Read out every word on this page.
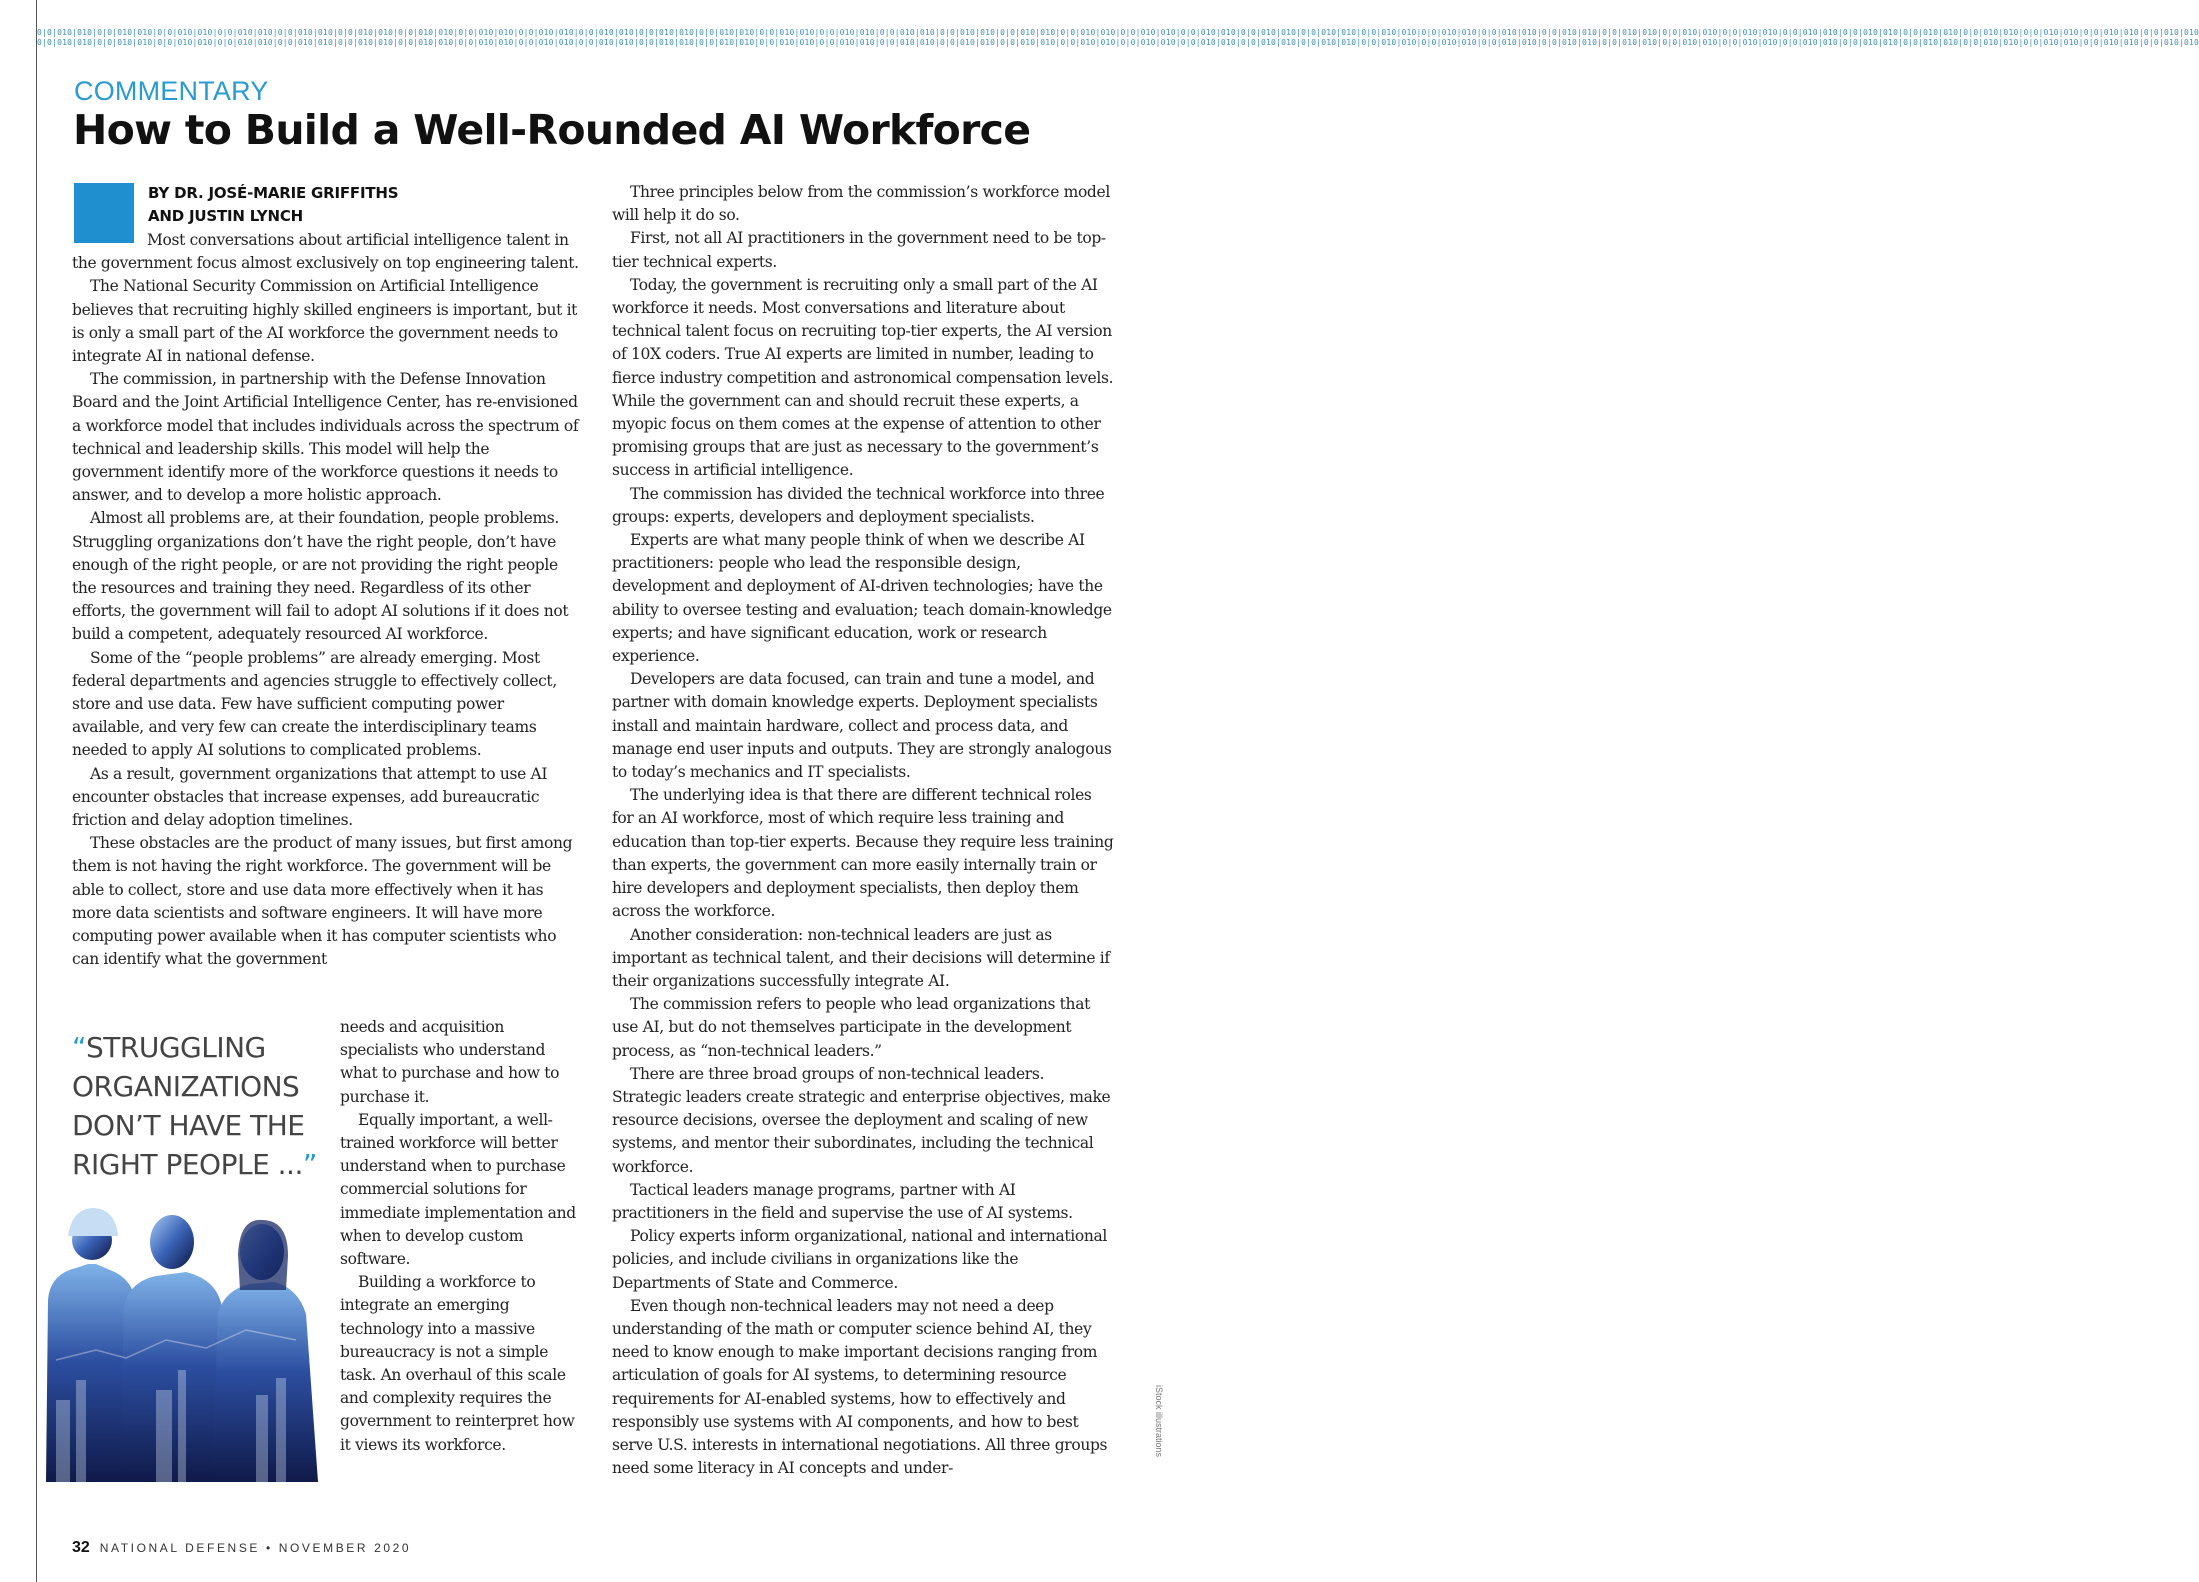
0|0|010|010|0|0|010|010|0|0|010|010|0|0|010|010|0|0|010|010|0|0|010|010|0|0|010|010|0|0|010|010|0|0|010|010|0|0|010|010|0|0|010|010|0|0|010|010|0|0|010|010|0|0|010|010|0|0|010|010|0|0|010|010|0|0|010|010|0|0|010|010|0|0|010|010|0|0|010|010|0|0|010|010|0|0|010|010|0|0|010|010|0|0|010|010|0|0|010|010|0|0|010|010|0|0|010|010|0|0|010|010|0|0|010|010|0|0|010|010|0|0|010|010|0|0|010|010|0|0|010|010|0|0|010|010|0|0|010|010|0|0|010|010
0|0|010|010|0|0|010|010|0|0|010|010|0|0|010|010|0|0|010|010|0|0|010|010|0|0|010|010|0|0|010|010|0|0|010|010|0|0|010|010|0|0|010|010|0|0|010|010|0|0|010|010|0|0|010|010|0|0|010|010|0|0|010|010|0|0|010|010|0|0|010|010|0|0|010|010|0|0|010|010|0|0|010|010|0|0|010|010|0|0|010|010|0|0|010|010|0|0|010|010|0|0|010|010|0|0|010|010|0|0|010|010|0|0|010|010|0|0|010|010|0|0|010|010|0|0|010|010|0|0|010|010|0|0|010|010|0|0|010|010|0|0|010|010
COMMENTARY
How to Build a Well-Rounded AI Workforce
BY DR. JOSÉ-MARIE GRIFFITHS
AND JUSTIN LYNCH

Most conversations about artificial intelligence talent in the government focus almost exclusively on top engineering talent.

The National Security Commission on Artificial Intelligence believes that recruiting highly skilled engineers is important, but it is only a small part of the AI workforce the government needs to integrate AI in national defense.

The commission, in partnership with the Defense Innovation Board and the Joint Artificial Intelligence Center, has re-envisioned a workforce model that includes individuals across the spectrum of technical and leadership skills. This model will help the government identify more of the workforce questions it needs to answer, and to develop a more holistic approach.

Almost all problems are, at their foundation, people problems. Struggling organizations don’t have the right people, don’t have enough of the right people, or are not providing the right people the resources and training they need. Regardless of its other efforts, the government will fail to adopt AI solutions if it does not build a competent, adequately resourced AI workforce.

Some of the “people problems” are already emerging. Most federal departments and agencies struggle to effectively collect, store and use data. Few have sufficient computing power available, and very few can create the interdisciplinary teams needed to apply AI solutions to complicated problems.

As a result, government organizations that attempt to use AI encounter obstacles that increase expenses, add bureaucratic friction and delay adoption timelines.

These obstacles are the product of many issues, but first among them is not having the right workforce. The government will be able to collect, store and use data more effectively when it has more data scientists and software engineers. It will have more computing power available when it has computer scientists who can identify what the government

needs and acquisition specialists who understand what to purchase and how to purchase it.

Equally important, a well-trained workforce will better understand when to purchase commercial solutions for immediate implementation and when to develop custom software.

Building a workforce to integrate an emerging technology into a massive bureaucracy is not a simple task. An overhaul of this scale and complexity requires the government to reinterpret how it views its workforce.

“STRUGGLING ORGANIZATIONS DON’T HAVE THE RIGHT PEOPLE ...”

Three principles below from the commission’s workforce model will help it do so.

First, not all AI practitioners in the government need to be top-tier technical experts.

Today, the government is recruiting only a small part of the AI workforce it needs. Most conversations and literature about technical talent focus on recruiting top-tier experts, the AI version of 10X coders. True AI experts are limited in number, leading to fierce industry competition and astronomical compensation levels. While the government can and should recruit these experts, a myopic focus on them comes at the expense of attention to other promising groups that are just as necessary to the government’s success in artificial intelligence.

The commission has divided the technical workforce into three groups: experts, developers and deployment specialists.

Experts are what many people think of when we describe AI practitioners: people who lead the responsible design, development and deployment of AI-driven technologies; have the ability to oversee testing and evaluation; teach domain-knowledge experts; and have significant education, work or research experience.

Developers are data focused, can train and tune a model, and partner with domain knowledge experts. Deployment specialists install and maintain hardware, collect and process data, and manage end user inputs and outputs. They are strongly analogous to today’s mechanics and IT specialists.

The underlying idea is that there are different technical roles for an AI workforce, most of which require less training and education than top-tier experts. Because they require less training than experts, the government can more easily internally train or hire developers and deployment specialists, then deploy them across the workforce.

Another consideration: non-technical leaders are just as important as technical talent, and their decisions will determine if their organizations successfully integrate AI.

The commission refers to people who lead organizations that use AI, but do not themselves participate in the development process, as “non-technical leaders.”

There are three broad groups of non-technical leaders. Strategic leaders create strategic and enterprise objectives, make resource decisions, oversee the deployment and scaling of new systems, and mentor their subordinates, including the technical workforce.

Tactical leaders manage programs, partner with AI practitioners in the field and supervise the use of AI systems.

Policy experts inform organizational, national and international policies, and include civilians in organizations like the Departments of State and Commerce.

Even though non-technical leaders may not need a deep understanding of the math or computer science behind AI, they need to know enough to make important decisions ranging from articulation of goals for AI systems, to determining resource requirements for AI-enabled systems, how to effectively and responsibly use systems with AI components, and how to best serve U.S. interests in international negotiations. All three groups need some literacy in AI concepts and under-

iStock illustrations
32 NATIONAL DEFENSE • NOVEMBER 2020
